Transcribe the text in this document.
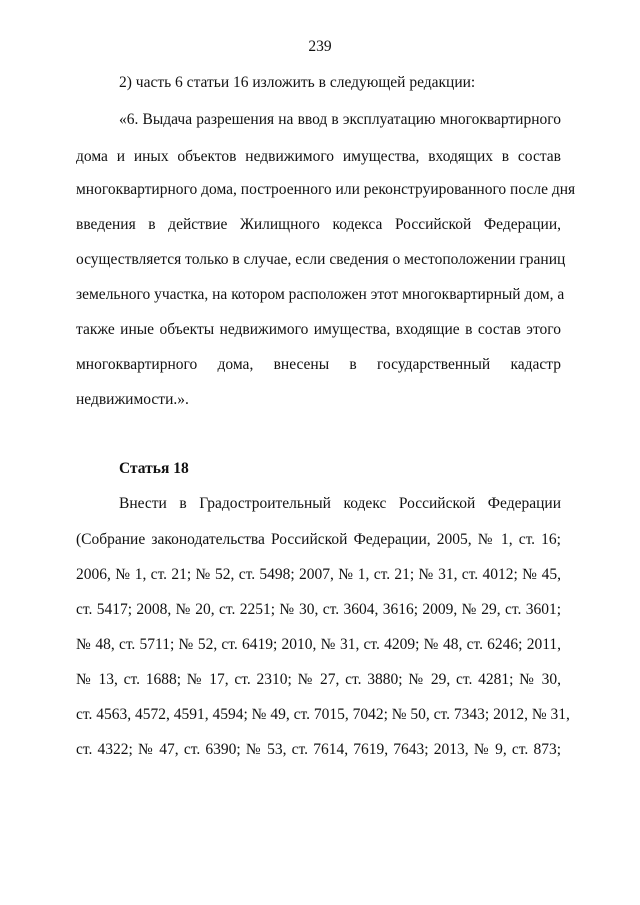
239
2) часть 6 статьи 16 изложить в следующей редакции:
«6. Выдача разрешения на ввод в эксплуатацию многоквартирного
дома и иных объектов недвижимого имущества, входящих в состав
многоквартирного дома, построенного или реконструированного после дня
введения в действие Жилищного кодекса Российской Федерации,
осуществляется только в случае, если сведения о местоположении границ
земельного участка, на котором расположен этот многоквартирный дом, а
также иные объекты недвижимого имущества, входящие в состав этого
многоквартирного дома, внесены в государственный кадастр
недвижимости.».
Статья 18
Внести в Градостроительный кодекс Российской Федерации
(Собрание законодательства Российской Федерации, 2005, № 1, ст. 16;
2006, № 1, ст. 21; № 52, ст. 5498; 2007, № 1, ст. 21; № 31, ст. 4012; № 45,
ст. 5417; 2008, № 20, ст. 2251; № 30, ст. 3604, 3616; 2009, № 29, ст. 3601;
№ 48, ст. 5711; № 52, ст. 6419; 2010, № 31, ст. 4209; № 48, ст. 6246; 2011,
№ 13, ст. 1688; № 17, ст. 2310; № 27, ст. 3880; № 29, ст. 4281; № 30,
ст. 4563, 4572, 4591, 4594; № 49, ст. 7015, 7042; № 50, ст. 7343; 2012, № 31,
ст. 4322; № 47, ст. 6390; № 53, ст. 7614, 7619, 7643; 2013, № 9, ст. 873;
